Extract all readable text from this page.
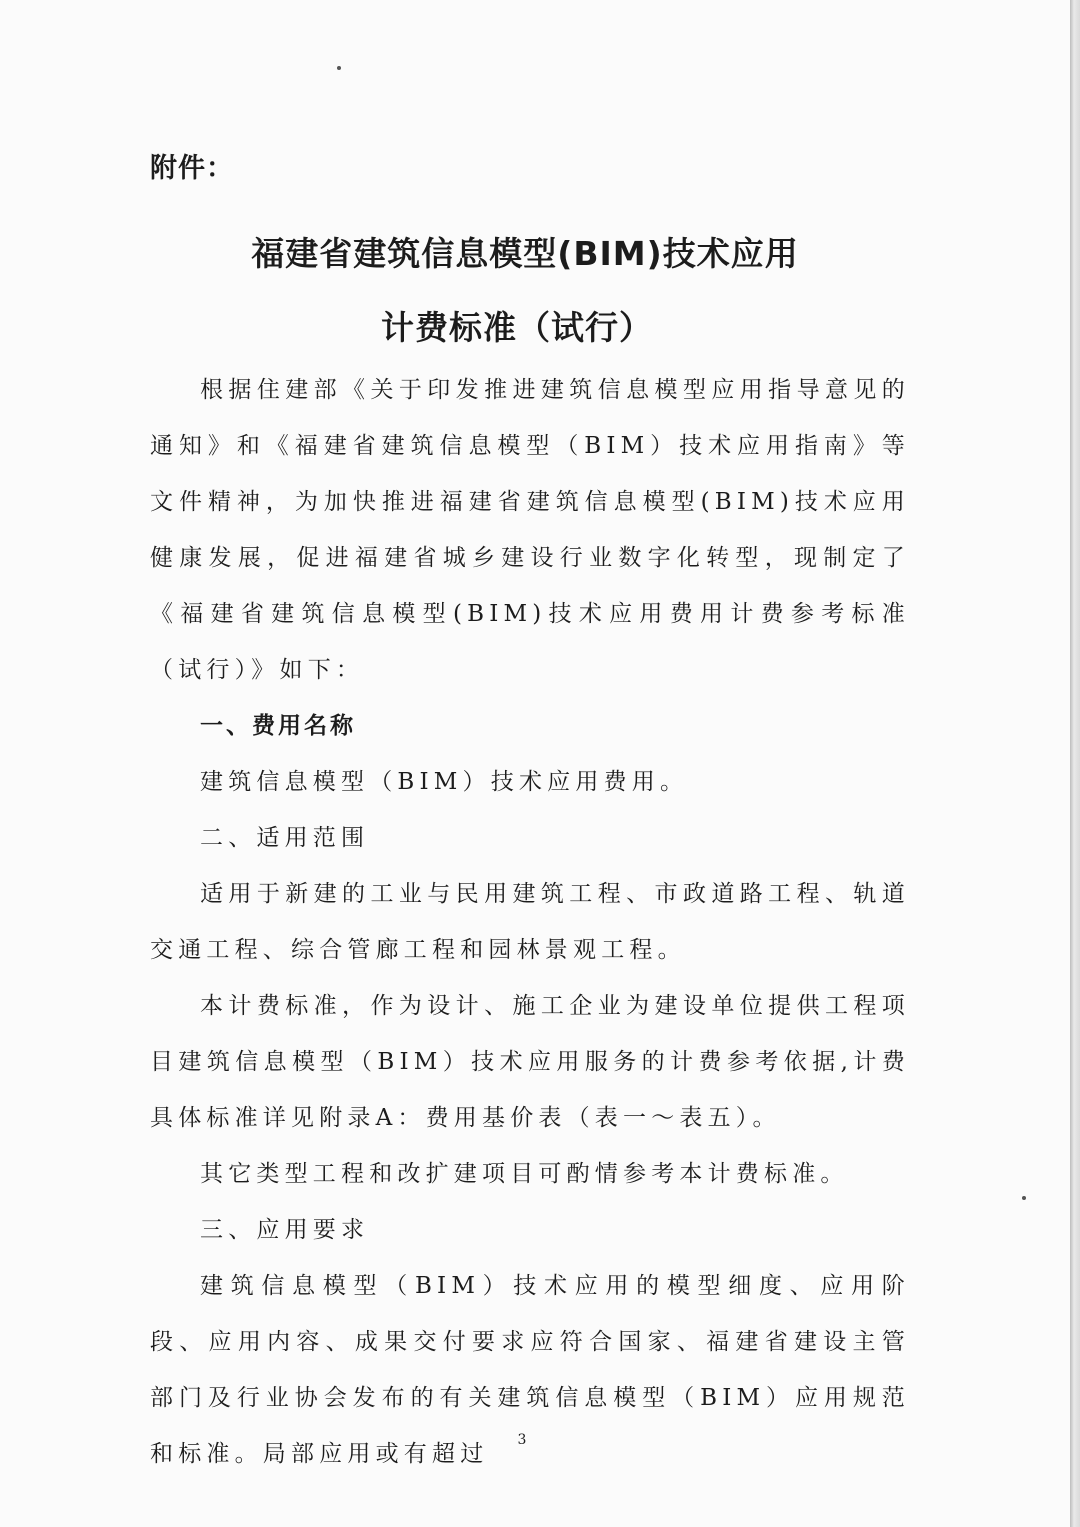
附件：

福建省建筑信息模型(BIM)技术应用
计费标准（试行）

根据住建部《关于印发推进建筑信息模型应用指导意见的通知》和《福建省建筑信息模型（BIM）技术应用指南》等文件精神，为加快推进福建省建筑信息模型(BIM)技术应用健康发展，促进福建省城乡建设行业数字化转型，现制定了《福建省建筑信息模型(BIM)技术应用费用计费参考标准（试行）》如下：

一、费用名称

建筑信息模型（BIM）技术应用费用。

二、适用范围

适用于新建的工业与民用建筑工程、市政道路工程、轨道交通工程、综合管廊工程和园林景观工程。

本计费标准，作为设计、施工企业为建设单位提供工程项目建筑信息模型（BIM）技术应用服务的计费参考依据,计费具体标准详见附录A：费用基价表（表一～表五）。

其它类型工程和改扩建项目可酌情参考本计费标准。

三、应用要求

建筑信息模型（BIM）技术应用的模型细度、应用阶段、应用内容、成果交付要求应符合国家、福建省建设主管部门及行业协会发布的有关建筑信息模型（BIM）应用规范和标准。局部应用或有超过

3
